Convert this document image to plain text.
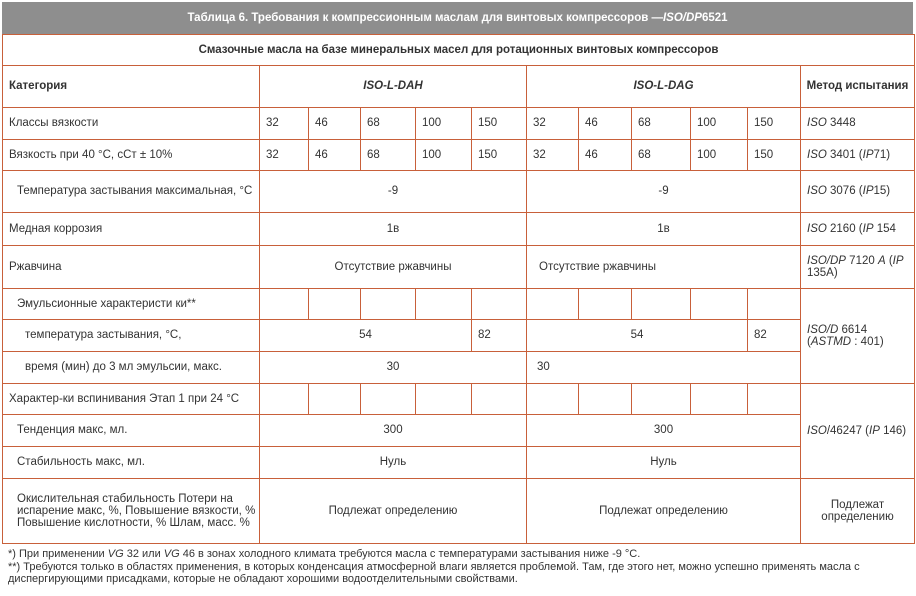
Таблица 6. Требования к компрессионным маслам для винтовых компрессоров — ISO/DP 6521
Смазочные масла на базе минеральных масел для ротационных винтовых компрессоров											
Категория	ISO-L-DAH					ISO-L-DAG					Метод испытания
Классы вязкости	32	46	68	100	150	32	46	68	100	150	ISO 3448
Вязкость при 40 °С, сСт ± 10%	32	46	68	100	150	32	46	68	100	150	ISO 3401 (IP71)
Температура застывания максимальная, °С	-9					-9					ISO 3076 (IP15)
Медная коррозия	1в					1в					ISO 2160 (IP 154
Ржавчина	Отсутствие ржавчины					Отсутствие ржавчины					ISO/DP 7120 А (IP 135A)
Эмульсионные характеристи ки**											ISO/D 6614 (ASTMD : 401)
температура застывания, °С,	54				82	54				82	
время (мин) до 3 мл эмульсии, макс.	30					30					
Характер-ки вспинивания Этап 1 при 24 °С											ISO/46247 (IP 146)
Тенденция макс, мл.	300					300					
Стабильность макс, мл.	Нуль					Нуль					
Окислительная стабильность Потери на испарение макс, %, Повышение вязкости, % Повышение кислотности, % Шлам, масс. %	Подлежат определению					Подлежат определению					Подлежат определению
*) При применении VG 32 или VG 46 в зонах холодного климата требуются масла с температурами застывания ниже -9 °С.
**) Требуются только в областях применения, в которых конденсация атмосферной влаги является проблемой. Там, где этого нет, можно успешно применять масла с диспергирующими присадками, которые не обладают хорошими водоотделительными свойствами.
